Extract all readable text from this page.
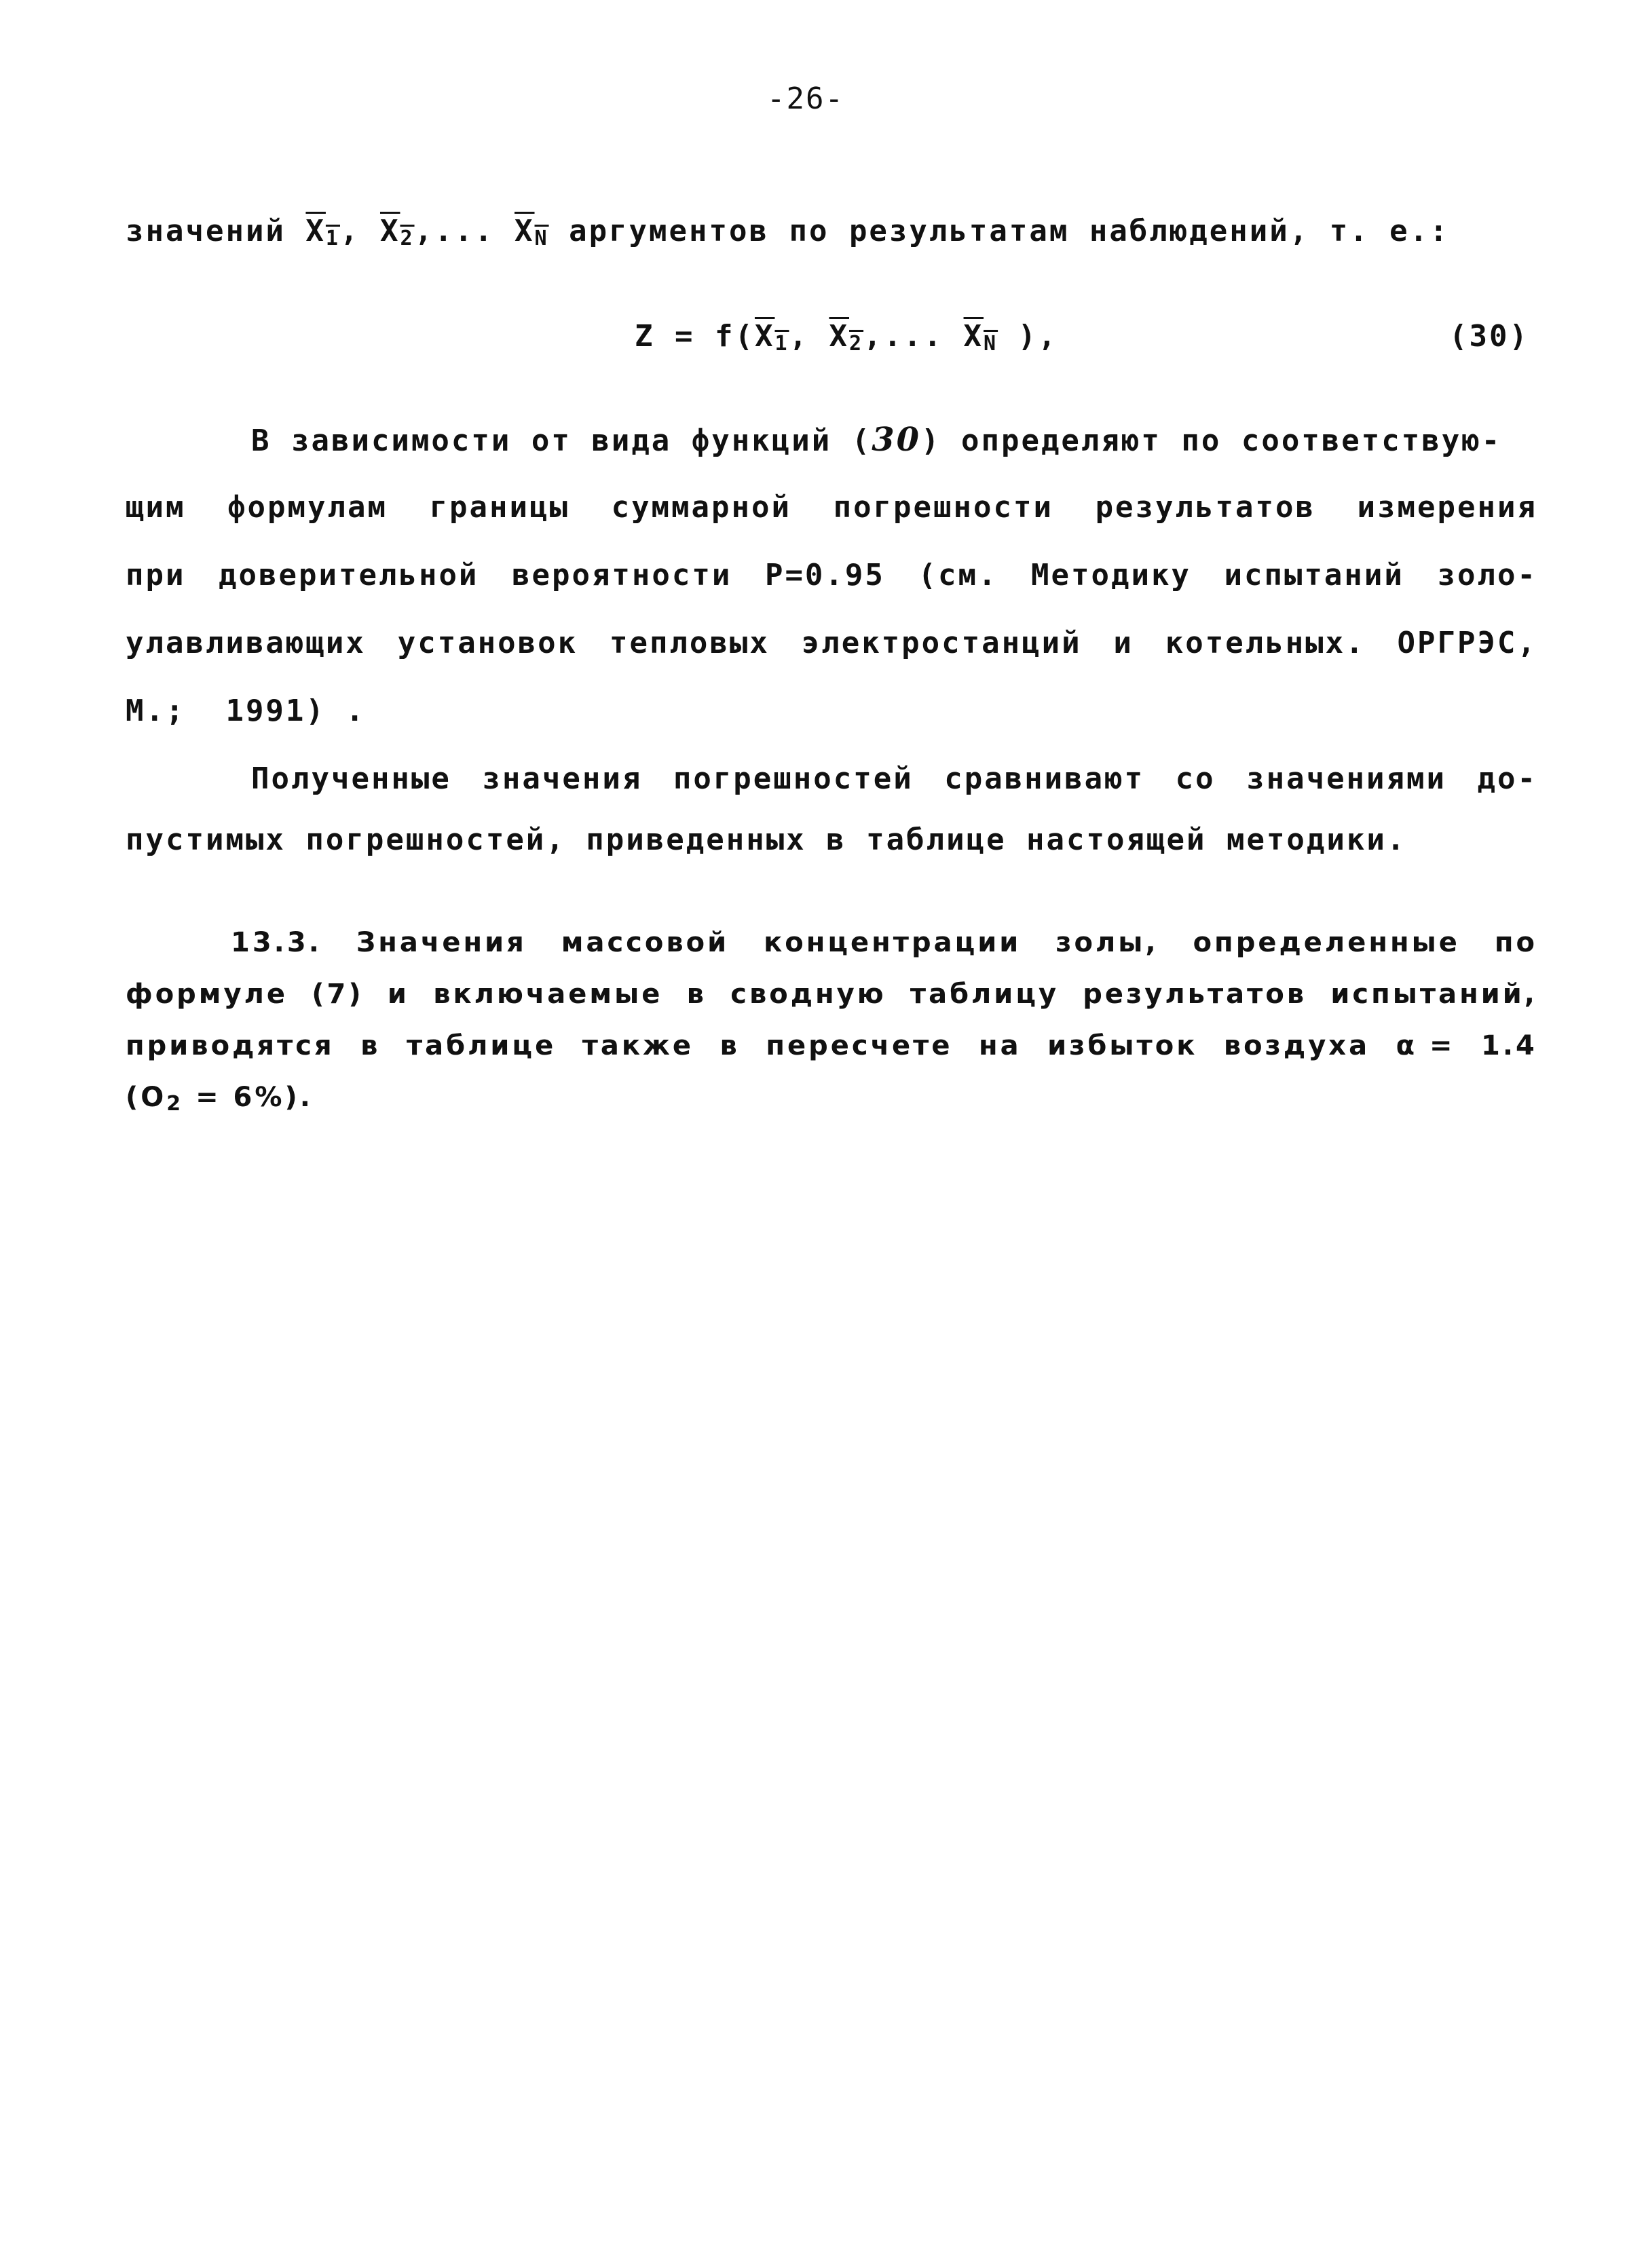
-26-
значений $X_1$, $X_2$,... $X_N$ аргументов по результатам наблюдений, т. е.:
$Z = f(X_1$, $X_2$,... $X_N$ ),	(30)
В зависимости от вида функций (30) определяют по соответствую-
щим формулам границы суммарной погрешности результатов измерения
при доверительной вероятности P=0.95 (см. Методику испытаний золо-
улавливающих установок тепловых электростанций и котельных. ОРГРЭС,
М.;  1991) .
Полученные значения погрешностей сравнивают со значениями до-
пустимых погрешностей, приведенных в таблице настоящей методики.
13.3. Значения массовой концентрации золы, определенные по
формуле (7) и включаемые в сводную таблицу результатов испытаний,
приводятся в таблице также в пересчете на избыток воздуха α = 1.4
$(O_2 = 6\%)$.
